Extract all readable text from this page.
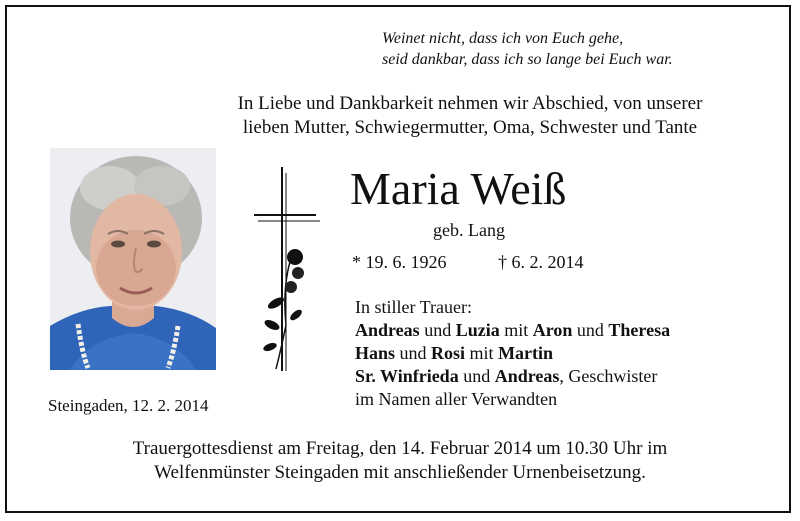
Weinet nicht, dass ich von Euch gehe,
seid dankbar, dass ich so lange bei Euch war.
In Liebe und Dankbarkeit nehmen wir Abschied, von unserer
lieben Mutter, Schwiegermutter, Oma, Schwester und Tante
Steingaden, 12. 2. 2014
Maria Weiß
geb. Lang
* 19. 6. 1926	† 6. 2. 2014
In stiller Trauer:
Andreas und Luzia mit Aron und Theresa
Hans und Rosi mit Martin
Sr. Winfrieda und Andreas, Geschwister
im Namen aller Verwandten
Trauergottesdienst am Freitag, den 14. Februar 2014 um 10.30 Uhr im
Welfenmünster Steingaden mit anschließender Urnenbeisetzung.
